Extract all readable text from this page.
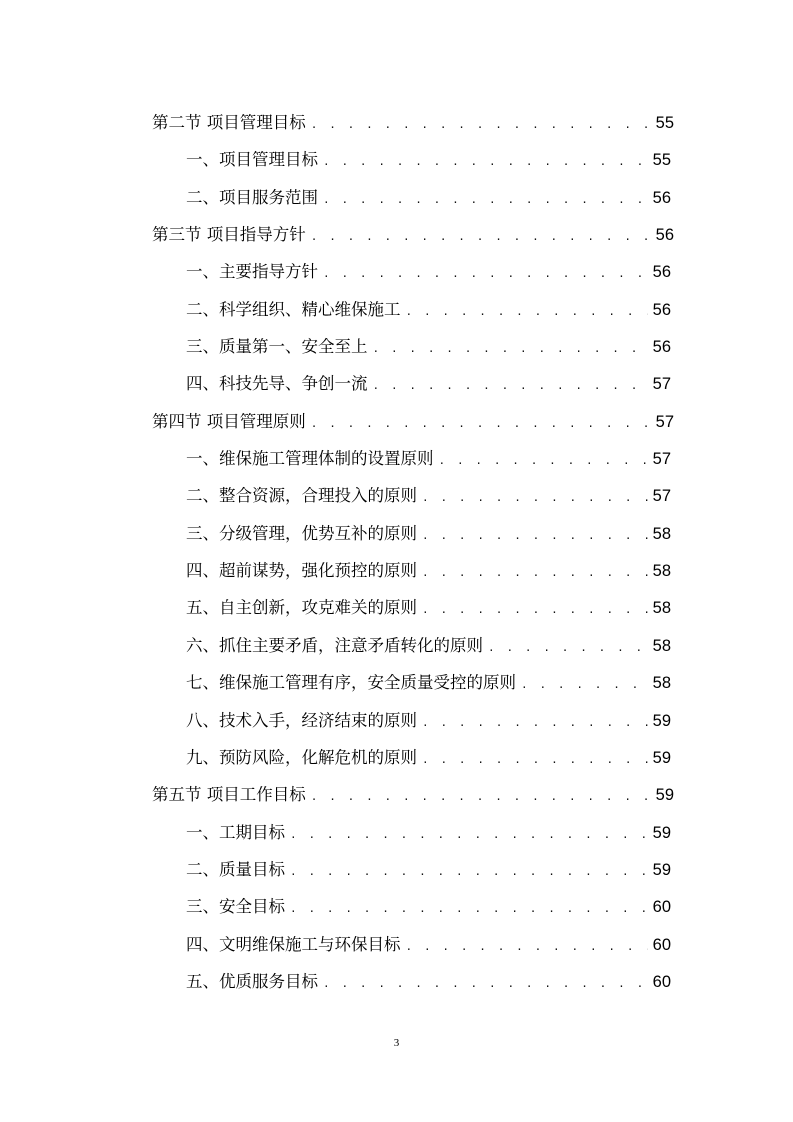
第二节 项目管理目标 . . .	55
一、项目管理目标 . . .	55
二、项目服务范围 . . .	56
第三节 项目指导方针 . . .	56
一、主要指导方针 . . .	56
二、科学组织、精心维保施工 . . .	56
三、质量第一、安全至上 . . .	56
四、科技先导、争创一流 . . .	57
第四节 项目管理原则 . . .	57
一、维保施工管理体制的设置原则 . . .	57
二、整合资源，合理投入的原则 . . .	57
三、分级管理，优势互补的原则 . . .	58
四、超前谋势，强化预控的原则 . . .	58
五、自主创新，攻克难关的原则 . . .	58
六、抓住主要矛盾，注意矛盾转化的原则 . . .	58
七、维保施工管理有序，安全质量受控的原则 . . .	58
八、技术入手，经济结束的原则 . . .	59
九、预防风险，化解危机的原则 . . .	59
第五节 项目工作目标 . . .	59
一、工期目标 . . .	59
二、质量目标 . . .	59
三、安全目标 . . .	60
四、文明维保施工与环保目标 . . .	60
五、优质服务目标 . . .	60
3
